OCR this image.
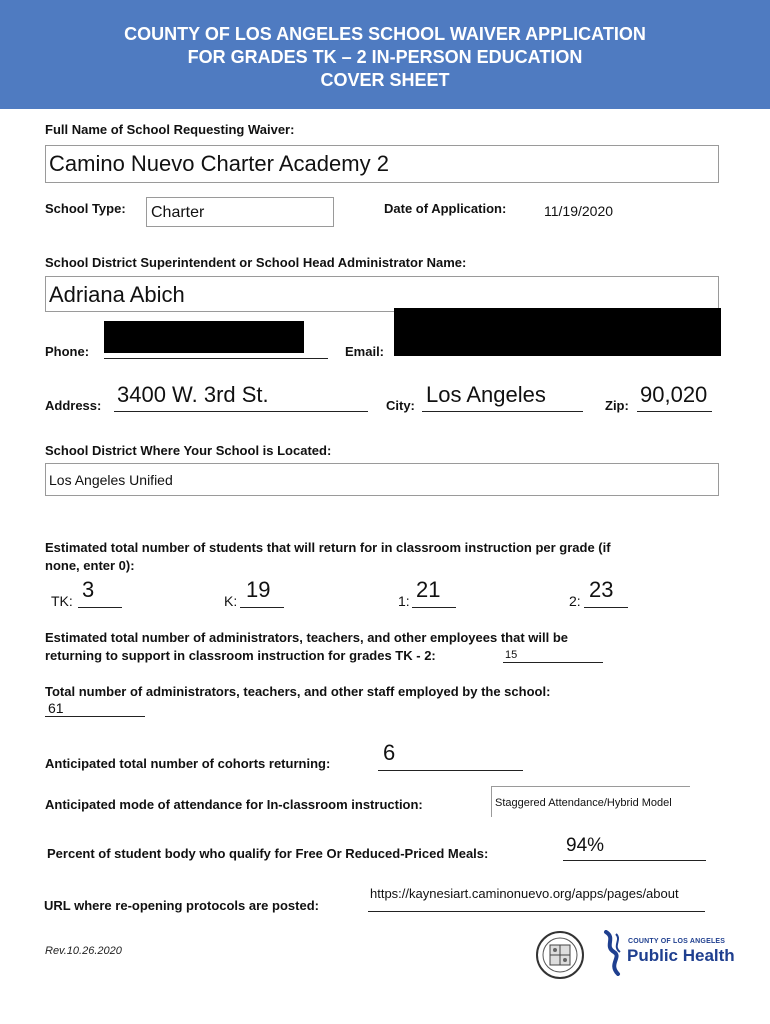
COUNTY OF LOS ANGELES SCHOOL WAIVER APPLICATION
FOR GRADES TK – 2 IN-PERSON EDUCATION
COVER SHEET
Full Name of School Requesting Waiver:
Camino Nuevo Charter Academy 2
School Type: Charter	Date of Application:	11/19/2020
School District Superintendent or School Head Administrator Name:
Adriana Abich
Phone:	Email:
Address: 3400 W. 3rd St.	City: Los Angeles	Zip: 90,020
School District Where Your School is Located:
Los Angeles Unified
Estimated total number of students that will return for in classroom instruction per grade (if
none, enter 0):
TK: 3	K: 19	1: 21	2: 23
Estimated total number of administrators, teachers, and other employees that will be
returning to support in classroom instruction for grades TK - 2:	15
Total number of administrators, teachers, and other staff employed by the school:
61
Anticipated total number of cohorts returning: 6
Anticipated mode of attendance for In-classroom instruction:	Staggered Attendance/Hybrid Model
Percent of student body who qualify for Free Or Reduced-Priced Meals:	94%
URL where re-opening protocols are posted:
https://kaynesiart.caminonuevo.org/apps/pages/about
Rev.10.26.2020
COUNTY OF LOS ANGELES
Public Health
